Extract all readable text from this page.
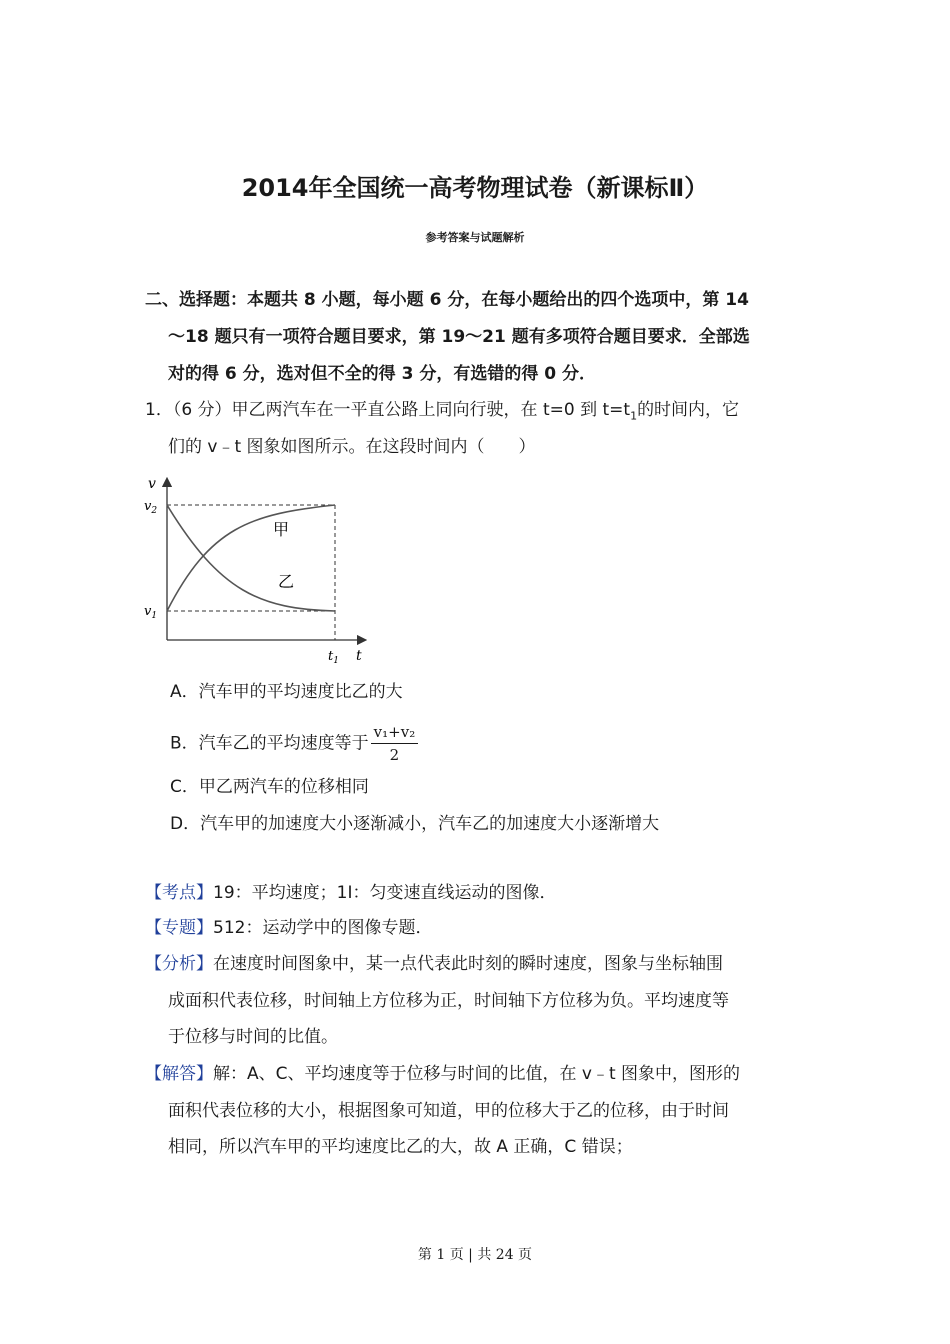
2014年全国统一高考物理试卷（新课标Ⅱ）
参考答案与试题解析
二、选择题：本题共 8 小题，每小题 6 分，在每小题给出的四个选项中，第 14
～18 题只有一项符合题目要求，第 19～21 题有多项符合题目要求．全部选
对的得 6 分，选对但不全的得 3 分，有选错的得 0 分．
1．（6 分）甲乙两汽车在一平直公路上同向行驶，在 t=0 到 $t=t_1$的时间内，它
们的 v﹣t 图象如图所示。在这段时间内（　　）
v
t
$v_2$
$v_1$
$t_1$
甲
乙
A．汽车甲的平均速度比乙的大
B．汽车乙的平均速度等于 $\frac{\text{v₁+v₂}}{2}$
C．甲乙两汽车的位移相同
D．汽车甲的加速度大小逐渐减小，汽车乙的加速度大小逐渐增大
【考点】19：平均速度；1I：匀变速直线运动的图像．
【专题】512：运动学中的图像专题．
【分析】在速度时间图象中，某一点代表此时刻的瞬时速度，图象与坐标轴围
成面积代表位移，时间轴上方位移为正，时间轴下方位移为负。平均速度等
于位移与时间的比值。
【解答】解：A、C、平均速度等于位移与时间的比值，在 v﹣t 图象中，图形的
面积代表位移的大小，根据图象可知道，甲的位移大于乙的位移，由于时间
相同，所以汽车甲的平均速度比乙的大，故 A 正确，C 错误；
第 1 页 | 共 24 页
